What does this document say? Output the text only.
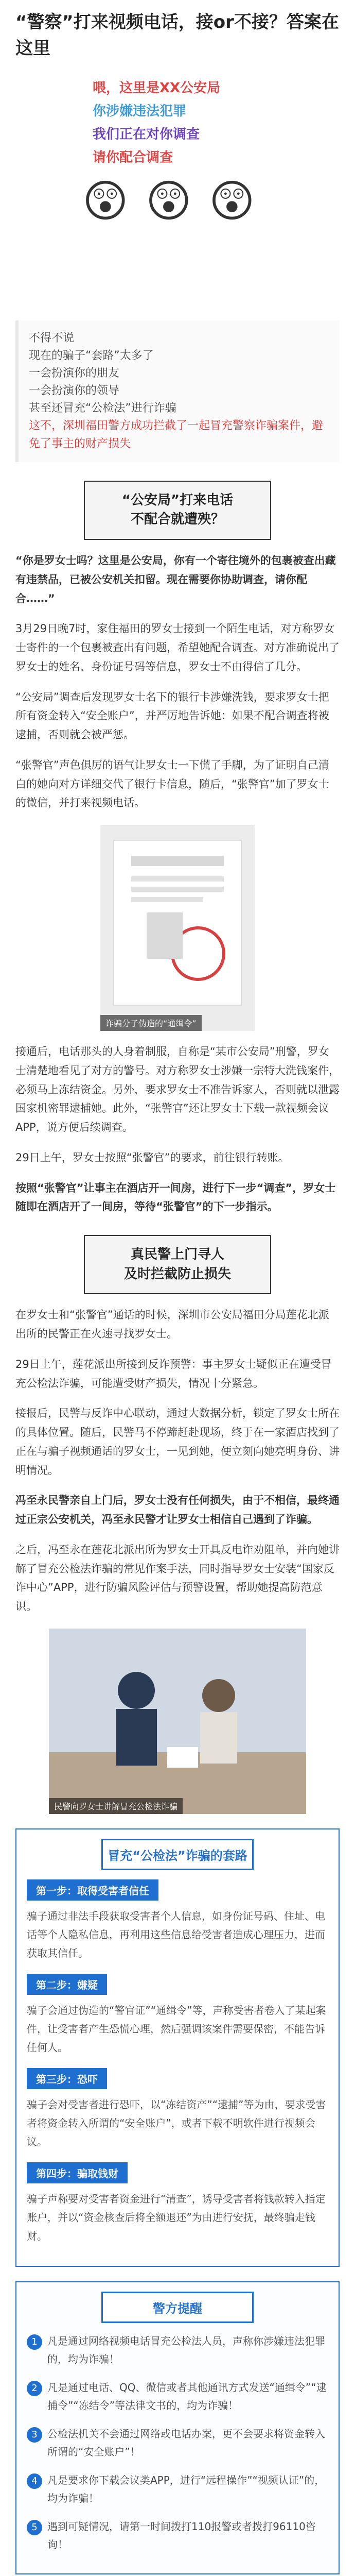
“警察”打来视频电话，接or不接？答案在这里
喂，这里是XX公安局
你涉嫌违法犯罪
我们正在对你调查
请你配合调查
😲 😲 😲
不得不说
现在的骗子“套路”太多了
一会扮演你的朋友
一会扮演你的领导
甚至还冒充“公检法”进行诈骗
这不，深圳福田警方成功拦截了一起冒充警察诈骗案件，避免了事主的财产损失
“公安局”打来电话
不配合就遭殃？

“你是罗女士吗？这里是公安局，你有一个寄往境外的包裹被查出藏有违禁品，已被公安机关扣留。现在需要你协助调查，请你配合……”

3月29日晚7时，家住福田的罗女士接到一个陌生电话，对方称罗女士寄件的一个包裹被查出有问题，希望她配合调查。对方准确说出了罗女士的姓名、身份证号码等信息，罗女士不由得信了几分。

“公安局”调查后发现罗女士名下的银行卡涉嫌洗钱，要求罗女士把所有资金转入“安全账户”，并严厉地告诉她：如果不配合调查将被逮捕，否则就会被严惩。

“张警官”声色俱厉的语气让罗女士一下慌了手脚，为了证明自己清白的她向对方详细交代了银行卡信息，随后，“张警官”加了罗女士的微信，并打来视频电话。

诈骗分子伪造的“通缉令”

接通后，电话那头的人身着制服，自称是“某市公安局”刑警，罗女士清楚地看见了对方的警号。对方称罗女士涉嫌一宗特大洗钱案件，必须马上冻结资金。另外，要求罗女士不准告诉家人，否则就以泄露国家机密罪逮捕她。此外，“张警官”还让罗女士下载一款视频会议APP，说方便后续调查。

29日上午，罗女士按照“张警官”的要求，前往银行转账。

按照“张警官”让事主在酒店开一间房，进行下一步“调查”，罗女士随即在酒店开了一间房，等待“张警官”的下一步指示。

真民警上门寻人
及时拦截防止损失

在罗女士和“张警官”通话的时候，深圳市公安局福田分局莲花北派出所的民警正在火速寻找罗女士。

29日上午，莲花派出所接到反诈预警：事主罗女士疑似正在遭受冒充公检法诈骗，可能遭受财产损失，情况十分紧急。

接报后，民警与反诈中心联动，通过大数据分析，锁定了罗女士所在的具体位置。随后，民警马不停蹄赶赴现场，终于在一家酒店找到了正在与骗子视频通话的罗女士，一见到她，便立刻向她亮明身份、讲明情况。

冯至永民警亲自上门后，罗女士没有任何损失，由于不相信，最终通过正宗公安机关，冯至永民警才让罗女士相信自己遇到了诈骗。

之后，冯至永在莲花北派出所为罗女士开具反电诈劝阻单，并向她讲解了冒充公检法诈骗的常见作案手法，同时指导罗女士安装“国家反诈中心”APP，进行防骗风险评估与预警设置，帮助她提高防范意识。

民警向罗女士讲解冒充公检法诈骗
冒充“公检法”诈骗的套路
第一步：取得受害者信任
骗子通过非法手段获取受害者个人信息，如身份证号码、住址、电话等个人隐私信息，再利用这些信息给受害者造成心理压力，进而获取其信任。
第二步：嫌疑
骗子会通过伪造的“警官证”“通缉令”等，声称受害者卷入了某起案件，让受害者产生恐慌心理，然后强调该案件需要保密，不能告诉任何人。
第三步：恐吓
骗子会对受害者进行恐吓，以“冻结资产”“逮捕”等为由，要求受害者将资金转入所谓的“安全账户”，或者下载不明软件进行视频会议。
第四步：骗取钱财
骗子声称要对受害者资金进行“清查”，诱导受害者将钱款转入指定账户，并以“资金核查后将全额退还”为由进行安抚，最终骗走钱财。
警方提醒
1 凡是通过网络视频电话冒充公检法人员，声称你涉嫌违法犯罪的，均为诈骗！
2 凡是通过电话、QQ、微信或者其他通讯方式发送“通缉令”“逮捕令”“冻结令”等法律文书的，均为诈骗！
3 公检法机关不会通过网络或电话办案，更不会要求将资金转入所谓的“安全账户”！
4 凡是要求你下载会议类APP，进行“远程操作”“视频认证”的，均为诈骗！
5 遇到可疑情况，请第一时间拨打110报警或者拨打96110咨询！
